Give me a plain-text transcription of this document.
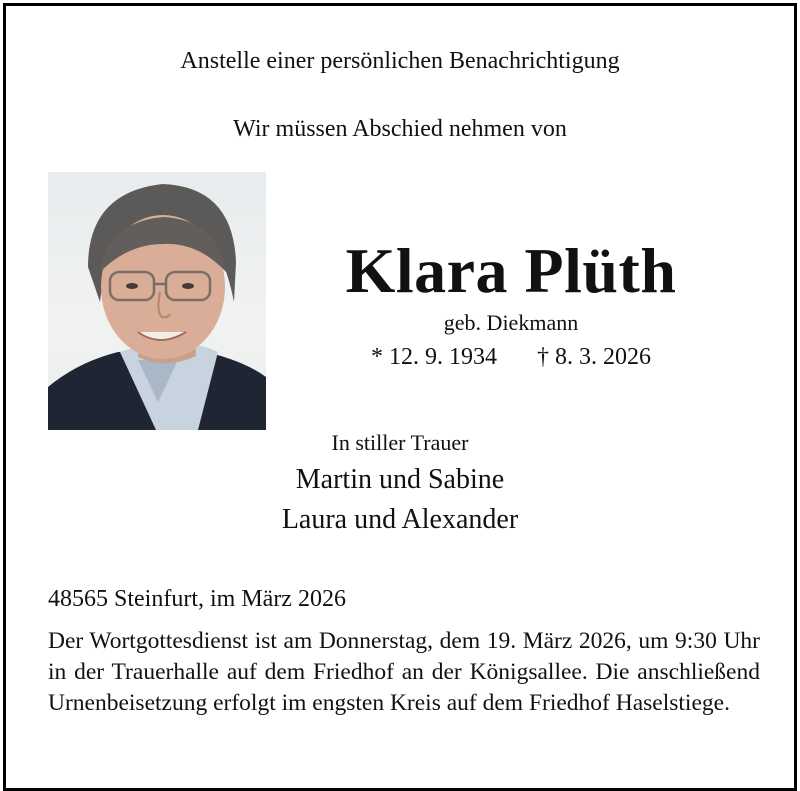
Anstelle einer persönlichen Benachrichtigung
Wir müssen Abschied nehmen von
Klara Plüth
geb. Diekmann
* 12. 9. 1934 † 8. 3. 2026
In stiller Trauer
Martin und Sabine
Laura und Alexander
48565 Steinfurt, im März 2026
Der Wortgottesdienst ist am Donnerstag, dem 19. März 2026, um 9:30 Uhr in der Trauerhalle auf dem Friedhof an der Königsallee. Die anschließend Urnenbeisetzung erfolgt im engsten Kreis auf dem Friedhof Haselstiege.
